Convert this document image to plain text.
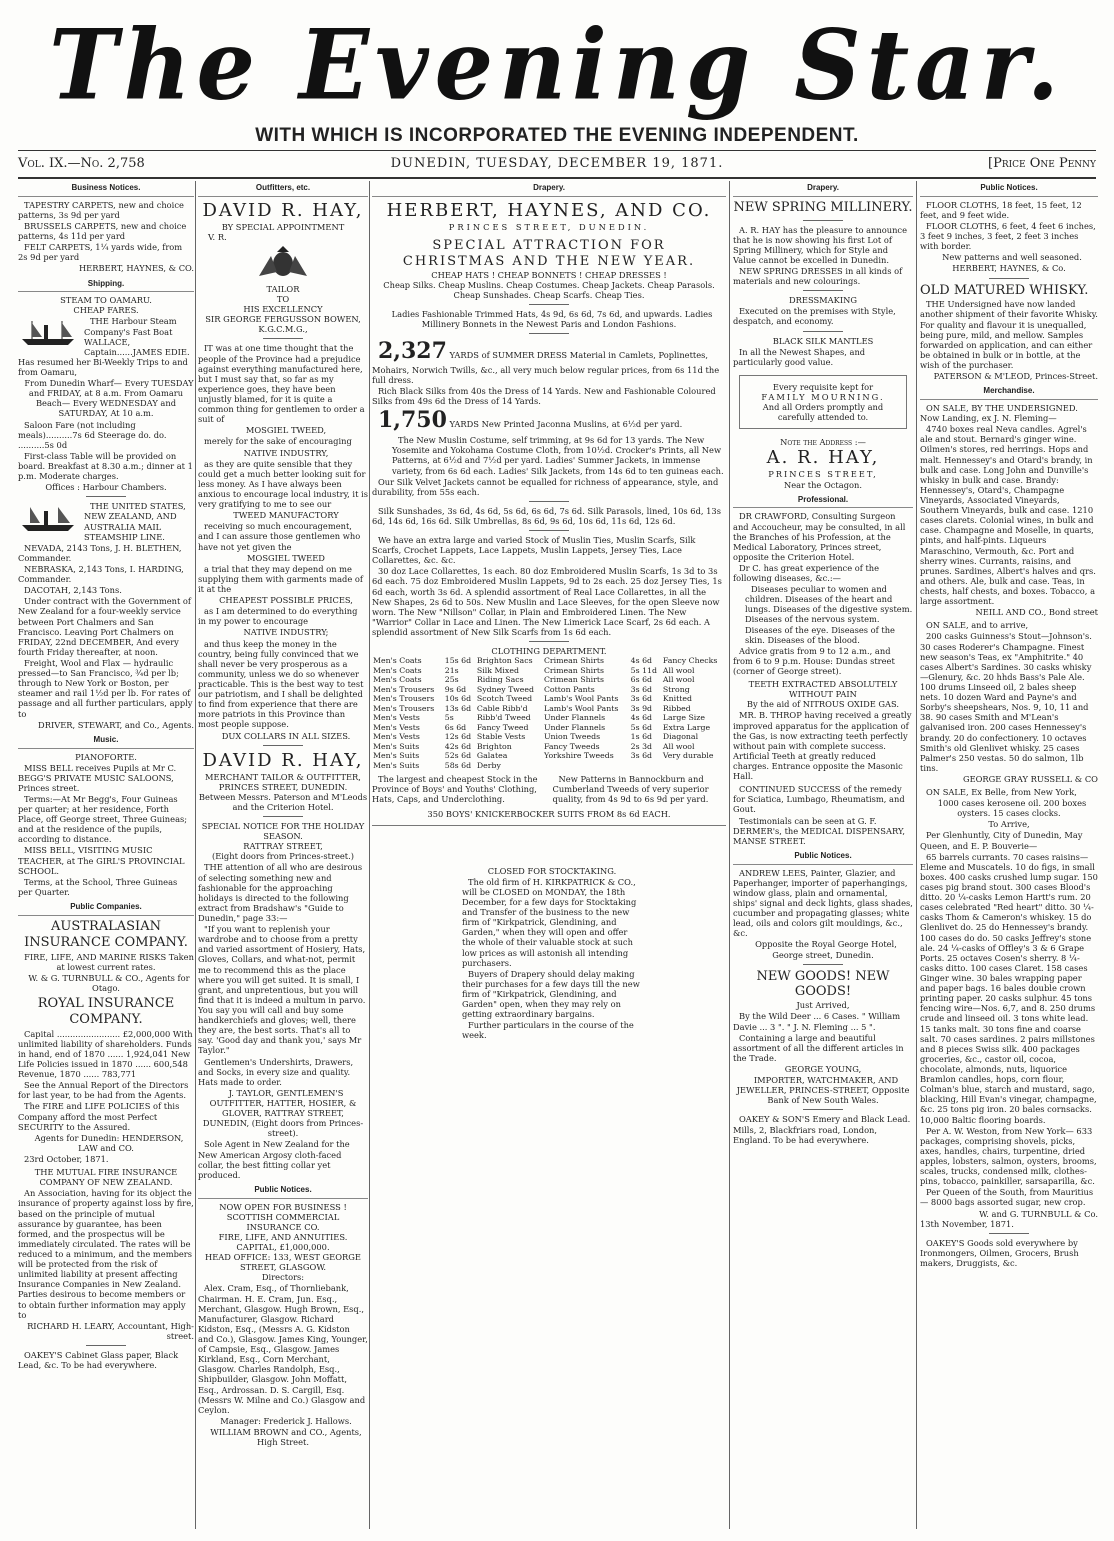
The Evening Star.
WITH WHICH IS INCORPORATED THE EVENING INDEPENDENT.
Vol. IX.—No. 2,758	DUNEDIN, TUESDAY, DECEMBER 19, 1871.	[Price One Penny
Business Notices.

TAPESTRY CARPETS, new and choice patterns, 3s 9d per yard

BRUSSELS CARPETS, new and choice patterns, 4s 11d per yard

FELT CARPETS, 1¼ yards wide, from 2s 9d per yard

HERBERT, HAYNES, & CO.
Shipping.
STEAM TO OAMARU.
CHEAP FARES.

THE Harbour Steam Company's Fast Boat WALLACE, Captain......JAMES EDIE. Has resumed her Bi-Weekly Trips to and from Oamaru,

From Dunedin Wharf— Every TUESDAY and FRIDAY, at 8 a.m. From Oamaru Beach— Every WEDNESDAY and SATURDAY, At 10 a.m.

Saloon Fare (not including meals)..........7s 6d Steerage do. do. ..........5s 0d

First-class Table will be provided on board. Breakfast at 8.30 a.m.; dinner at 1 p.m. Moderate charges.

Offices : Harbour Chambers.

THE UNITED STATES, NEW ZEALAND, AND AUSTRALIA MAIL STEAMSHIP LINE.

NEVADA, 2143 Tons, J. H. BLETHEN, Commander.

NEBRASKA, 2,143 Tons, I. HARDING, Commander.

DACOTAH, 2,143 Tons.

Under contract with the Government of New Zealand for a four-weekly service between Port Chalmers and San Francisco. Leaving Port Chalmers on FRIDAY, 22nd DECEMBER, And every fourth Friday thereafter, at noon.

Freight, Wool and Flax — hydraulic pressed—to San Francisco, ¾d per lb; through to New York or Boston, per steamer and rail 1½d per lb. For rates of passage and all further particulars, apply to

DRIVER, STEWART, and Co., Agents.
Music.
PIANOFORTE.

MISS BELL receives Pupils at Mr C. BEGG'S PRIVATE MUSIC SALOONS, Princes street.

Terms:—At Mr Begg's, Four Guineas per quarter; at her residence, Forth Place, off George street, Three Guineas; and at the residence of the pupils, according to distance.

MISS BELL, VISITING MUSIC TEACHER, at The GIRL'S PROVINCIAL SCHOOL.

Terms, at the School, Three Guineas per Quarter.

Public Companies.
AUSTRALASIAN INSURANCE COMPANY.

FIRE, LIFE, AND MARINE RISKS Taken at lowest current rates.

W. & G. TURNBULL & CO., Agents for Otago.

ROYAL INSURANCE COMPANY.

Capital ........................ £2,000,000 With unlimited liability of shareholders. Funds in hand, end of 1870 ...... 1,924,041 New Life Policies issued in 1870 ...... 600,548 Revenue, 1870 ...... 783,771

See the Annual Report of the Directors for last year, to be had from the Agents.

The FIRE and LIFE POLICIES of this Company afford the most Perfect SECURITY to the Assured.

Agents for Dunedin: HENDERSON, LAW and CO.

23rd October, 1871.

THE MUTUAL FIRE INSURANCE COMPANY OF NEW ZEALAND.

An Association, having for its object the insurance of property against loss by fire, based on the principle of mutual assurance by guarantee, has been formed, and the prospectus will be immediately circulated. The rates will be reduced to a minimum, and the members will be protected from the risk of unlimited liability at present affecting Insurance Companies in New Zealand. Parties desirous to become members or to obtain further information may apply to

RICHARD H. LEARY, Accountant, High-street.

OAKEY'S Cabinet Glass paper, Black Lead, &c. To be had everywhere.

Outfitters, etc.
DAVID R. HAY,
BY SPECIAL APPOINTMENT
V. R.
TAILOR
TO
HIS EXCELLENCY
SIR GEORGE FERGUSSON BOWEN, K.G.C.M.G.,

IT was at one time thought that the people of the Province had a prejudice against everything manufactured here, but I must say that, so far as my experience goes, they have been unjustly blamed, for it is quite a common thing for gentlemen to order a suit of

MOSGIEL TWEED,

merely for the sake of encouraging

NATIVE INDUSTRY,

as they are quite sensible that they could get a much better looking suit for less money. As I have always been anxious to encourage local industry, it is very gratifying to me to see our

TWEED MANUFACTORY

receiving so much encouragement, and I can assure those gentlemen who have not yet given the

MOSGIEL TWEED

a trial that they may depend on me supplying them with garments made of it at the

CHEAPEST POSSIBLE PRICES,

as I am determined to do everything in my power to encourage

NATIVE INDUSTRY;

and thus keep the money in the country, being fully convinced that we shall never be very prosperous as a community, unless we do so whenever practicable. This is the best way to test our patriotism, and I shall be delighted to find from experience that there are more patriots in this Province than most people suppose.

DUX COLLARS IN ALL SIZES.

DAVID R. HAY,
MERCHANT TAILOR & OUTFITTER, PRINCES STREET, DUNEDIN.
Between Messrs. Paterson and M'Leods and the Criterion Hotel.
SPECIAL NOTICE FOR THE HOLIDAY SEASON.
RATTRAY STREET,
(Eight doors from Princes-street.)

THE attention of all who are desirous of selecting something new and fashionable for the approaching holidays is directed to the following extract from Bradshaw's "Guide to Dunedin," page 33:—

"If you want to replenish your wardrobe and to choose from a pretty and varied assortment of Hosiery, Hats, Gloves, Collars, and what-not, permit me to recommend this as the place where you will get suited. It is small, I grant, and unpretentious, but you will find that it is indeed a multum in parvo. You say you will call and buy some handkerchiefs and gloves; well, there they are, the best sorts. That's all to say. 'Good day and thank you,' says Mr Taylor."

Gentlemen's Undershirts, Drawers, and Socks, in every size and quality. Hats made to order.

J. TAYLOR, GENTLEMEN'S OUTFITTER, HATTER, HOSIER, & GLOVER, RATTRAY STREET, DUNEDIN, (Eight doors from Princes-street).

Sole Agent in New Zealand for the New American Argosy cloth-faced collar, the best fitting collar yet produced.

Public Notices.
NOW OPEN FOR BUSINESS !
SCOTTISH COMMERCIAL INSURANCE CO.
FIRE, LIFE, AND ANNUITIES.
CAPITAL, £1,000,000.
HEAD OFFICE: 133, WEST GEORGE STREET, GLASGOW.
Directors:

Alex. Cram, Esq., of Thornliebank, Chairman. H. E. Cram, Jun. Esq., Merchant, Glasgow. Hugh Brown, Esq., Manufacturer, Glasgow. Richard Kidston, Esq., (Messrs A. G. Kidston and Co.), Glasgow. James King, Younger, of Campsie, Esq., Glasgow. James Kirkland, Esq., Corn Merchant, Glasgow. Charles Randolph, Esq., Shipbuilder, Glasgow. John Moffatt, Esq., Ardrossan. D. S. Cargill, Esq. (Messrs W. Milne and Co.) Glasgow and Ceylon.

Manager: Frederick J. Hallows.

WILLIAM BROWN and CO., Agents, High Street.

Drapery.
HERBERT, HAYNES, AND CO.
PRINCES STREET, DUNEDIN.
SPECIAL ATTRACTION FOR
CHRISTMAS AND THE NEW YEAR.
CHEAP HATS ! CHEAP BONNETS ! CHEAP DRESSES !
Cheap Silks. Cheap Muslins. Cheap Costumes. Cheap Jackets. Cheap Parasols. Cheap Sunshades. Cheap Scarfs. Cheap Ties.

Ladies Fashionable Trimmed Hats, 4s 9d, 6s 6d, 7s 6d, and upwards. Ladies Millinery Bonnets in the Newest Paris and London Fashions.

2,327 YARDS of SUMMER DRESS Material in Camlets, Poplinettes, Mohairs, Norwich Twills, &c., all very much below regular prices, from 6s 11d the full dress.

Rich Black Silks from 40s the Dress of 14 Yards. New and Fashionable Coloured Silks from 49s 6d the Dress of 14 Yards.

1,750 YARDS New Printed Jaconna Muslins, at 6½d per yard.

The New Muslin Costume, self trimming, at 9s 6d for 13 yards. The New Yosemite and Yokohama Costume Cloth, from 10½d. Crocker's Prints, all New Patterns, at 6½d and 7½d per yard. Ladies' Summer Jackets, in immense variety, from 6s 6d each. Ladies' Silk Jackets, from 14s 6d to ten guineas each.

Our Silk Velvet Jackets cannot be equalled for richness of appearance, style, and durability, from 55s each.

Silk Sunshades, 3s 6d, 4s 6d, 5s 6d, 6s 6d, 7s 6d. Silk Parasols, lined, 10s 6d, 13s 6d, 14s 6d, 16s 6d. Silk Umbrellas, 8s 6d, 9s 6d, 10s 6d, 11s 6d, 12s 6d.

We have an extra large and varied Stock of Muslin Ties, Muslin Scarfs, Silk Scarfs, Crochet Lappets, Lace Lappets, Muslin Lappets, Jersey Ties, Lace Collarettes, &c. &c.

30 doz Lace Collarettes, 1s each. 80 doz Embroidered Muslin Scarfs, 1s 3d to 3s 6d each. 75 doz Embroidered Muslin Lappets, 9d to 2s each. 25 doz Jersey Ties, 1s 6d each, worth 3s 6d. A splendid assortment of Real Lace Collarettes, in all the New Shapes, 2s 6d to 50s. New Muslin and Lace Sleeves, for the open Sleeve now worn. The New "Nillson" Collar, in Plain and Embroidered Linen. The New "Warrior" Collar in Lace and Linen. The New Limerick Lace Scarf, 2s 6d each. A splendid assortment of New Silk Scarfs from 1s 6d each.

CLOTHING DEPARTMENT.
Men's Coats	15s 6d	Brighton Sacs	Crimean Shirts	4s 6d	Fancy Checks
Men's Coats	21s	Silk Mixed	Crimean Shirts	5s 11d	All wool
Men's Coats	25s	Riding Sacs	Crimean Shirts	6s 6d	All wool
Men's Trousers	9s 6d	Sydney Tweed	Cotton Pants	3s 6d	Strong
Men's Trousers	10s 6d	Scotch Tweed	Lamb's Wool Pants	3s 6d	Knitted
Men's Trousers	13s 6d	Cable Ribb'd	Lamb's Wool Pants	3s 9d	Ribbed
Men's Vests	5s	Ribb'd Tweed	Under Flannels	4s 6d	Large Size
Men's Vests	6s 6d	Fancy Tweed	Under Flannels	5s 6d	Extra Large
Men's Vests	12s 6d	Stable Vests	Union Tweeds	1s 6d	Diagonal
Men's Suits	42s 6d	Brighton	Fancy Tweeds	2s 3d	All wool
Men's Suits	52s 6d	Galatea	Yorkshire Tweeds	3s 6d	Very durable
Men's Suits	58s 6d	Derby			

The largest and cheapest Stock in the Province of Boys' and Youths' Clothing, Hats, Caps, and Underclothing.

New Patterns in Bannockburn and Cumberland Tweeds of very superior quality, from 4s 9d to 6s 9d per yard.

350 BOYS' KNICKERBOCKER SUITS FROM 8s 6d EACH.
CLOSED FOR STOCKTAKING.

The old firm of H. KIRKPATRICK & CO., will be CLOSED on MONDAY, the 18th December, for a few days for Stocktaking and Transfer of the business to the new firm of "Kirkpatrick, Glendining, and Garden," when they will open and offer the whole of their valuable stock at such low prices as will astonish all intending purchasers.

Buyers of Drapery should delay making their purchases for a few days till the new firm of "Kirkpatrick, Glendining, and Garden" open, when they may rely on getting extraordinary bargains.

Further particulars in the course of the week.

Drapery.
NEW SPRING MILLINERY.

A. R. HAY has the pleasure to announce that he is now showing his first Lot of Spring Millinery, which for Style and Value cannot be excelled in Dunedin.

NEW SPRING DRESSES in all kinds of materials and new colourings.

DRESSMAKING

Executed on the premises with Style, despatch, and economy.

BLACK SILK MANTLES

In all the Newest Shapes, and particularly good value.

Every requisite kept for
FAMILY MOURNING.
And all Orders promptly and carefully attended to.
Note the Address :—
A. R. HAY,
PRINCES STREET,
Near the Octagon.
Professional.

DR CRAWFORD, Consulting Surgeon and Accoucheur, may be consulted, in all the Branches of his Profession, at the Medical Laboratory, Princes street, opposite the Criterion Hotel.

Dr C. has great experience of the following diseases, &c.:—

Diseases peculiar to women and children. Diseases of the heart and lungs. Diseases of the digestive system. Diseases of the nervous system. Diseases of the eye. Diseases of the skin. Diseases of the blood.

Advice gratis from 9 to 12 a.m., and from 6 to 9 p.m. House: Dundas street (corner of George street).

TEETH EXTRACTED ABSOLUTELY WITHOUT PAIN
By the aid of NITROUS OXIDE GAS.

MR. B. THROP having received a greatly improved apparatus for the application of the Gas, is now extracting teeth perfectly without pain with complete success. Artificial Teeth at greatly reduced charges. Entrance opposite the Masonic Hall.

CONTINUED SUCCESS of the remedy for Sciatica, Lumbago, Rheumatism, and Gout.

Testimonials can be seen at G. F. DERMER's, the MEDICAL DISPENSARY, MANSE STREET.

Public Notices.

ANDREW LEES, Painter, Glazier, and Paperhanger, importer of paperhangings, window glass, plain and ornamental, ships' signal and deck lights, glass shades, cucumber and propagating glasses; white lead, oils and colors gilt mouldings, &c., &c.

Opposite the Royal George Hotel, George street, Dunedin.

NEW GOODS! NEW GOODS!
Just Arrived,

By the Wild Deer ... 6 Cases. " William Davie ... 3 ". " J. N. Fleming ... 5 ".

Containing a large and beautiful assortment of all the different articles in the Trade.

GEORGE YOUNG,

IMPORTER, WATCHMAKER, AND JEWELLER, PRINCES-STREET, Opposite Bank of New South Wales.

OAKEY & SON'S Emery and Black Lead. Mills, 2, Blackfriars road, London, England. To be had everywhere.

Public Notices.

FLOOR CLOTHS, 18 feet, 15 feet, 12 feet, and 9 feet wide.

FLOOR CLOTHS, 6 feet, 4 feet 6 inches, 3 feet 9 inches, 3 feet, 2 feet 3 inches with border.

New patterns and well seasoned.

HERBERT, HAYNES, & Co.
OLD MATURED WHISKY.

THE Undersigned have now landed another shipment of their favorite Whisky. For quality and flavour it is unequalled, being pure, mild, and mellow. Samples forwarded on application, and can either be obtained in bulk or in bottle, at the wish of the purchaser.

PATERSON & M'LEOD, Princes-Street.
Merchandise.

ON SALE, BY THE UNDERSIGNED. Now Landing, ex J. N. Fleming—

4740 boxes real Neva candles. Agrel's ale and stout. Bernard's ginger wine. Oilmen's stores, red herrings. Hops and malt. Hennessey's and Otard's brandy, in bulk and case. Long John and Dunville's whisky in bulk and case. Brandy: Hennessey's, Otard's, Champagne Vineyards, Associated Vineyards, Southern Vineyards, bulk and case. 1210 cases clarets. Colonial wines, in bulk and case. Champagne and Moselle, in quarts, pints, and half-pints. Liqueurs Maraschino, Vermouth, &c. Port and sherry wines. Currants, raisins, and prunes. Sardines, Albert's halves and qrs. and others. Ale, bulk and case. Teas, in chests, half chests, and boxes. Tobacco, a large assortment.

NEILL AND CO., Bond street

ON SALE, and to arrive,

200 casks Guinness's Stout—Johnson's. 30 cases Roderer's Champagne. Finest new season's Teas, ex "Amphitrite." 40 cases Albert's Sardines. 30 casks whisky—Glenury, &c. 20 hhds Bass's Pale Ale. 100 drums Linseed oil, 2 bales sheep nets. 10 dozen Ward and Payne's and Sorby's sheepshears, Nos. 9, 10, 11 and 38. 90 cases Smith and M'Lean's galvanised iron. 200 cases Hennessey's brandy. 20 do confectionery. 10 octaves Smith's old Glenlivet whisky. 25 cases Palmer's 250 vestas. 50 do salmon, 1lb tins.

GEORGE GRAY RUSSELL & CO

ON SALE, Ex Belle, from New York,

1000 cases kerosene oil. 200 boxes oysters. 15 cases clocks.

To Arrive,

Per Glenhuntly, City of Dunedin, May Queen, and E. P. Bouverie—

65 barrels currants. 70 cases raisins—Eleme and Muscatels. 10 do figs, in small boxes. 400 casks crushed lump sugar. 150 cases pig brand stout. 300 cases Blood's ditto. 20 ¼-casks Lemon Hartt's rum. 20 cases celebrated "Red heart" ditto. 30 ¼-casks Thom & Cameron's whiskey. 15 do Glenlivet do. 25 do Hennessey's brandy. 100 cases do do. 50 casks Jeffrey's stone ale. 24 ¼-casks of Offley's 3 & 6 Grape Ports. 25 octaves Cosen's sherry. 8 ¼-casks ditto. 100 cases Claret. 158 cases Ginger wine. 30 bales wrapping paper and paper bags. 16 bales double crown printing paper. 20 casks sulphur. 45 tons fencing wire—Nos. 6,7, and 8. 250 drums crude and linseed oil. 3 tons white lead. 15 tanks malt. 30 tons fine and coarse salt. 70 cases sardines. 2 pairs millstones and 8 pieces Swiss silk. 400 packages groceries, &c., castor oil, cocoa, chocolate, almonds, nuts, liquorice Bramlon candles, hops, corn flour, Colman's blue, starch and mustard, sago, blacking, Hill Evan's vinegar, champagne, &c. 25 tons pig iron. 20 bales cornsacks. 10,000 Baltic flooring boards.

Per A. W. Weston, from New York— 633 packages, comprising shovels, picks, axes, handles, chairs, turpentine, dried apples, lobsters, salmon, oysters, brooms, scales, trucks, condensed milk, clothes-pins, tobacco, painkiller, sarsaparilla, &c.

Per Queen of the South, from Mauritius— 8000 bags assorted sugar, new crop.

W. and G. TURNBULL & Co.
13th November, 1871.

OAKEY'S Goods sold everywhere by Ironmongers, Oilmen, Grocers, Brush makers, Druggists, &c.
